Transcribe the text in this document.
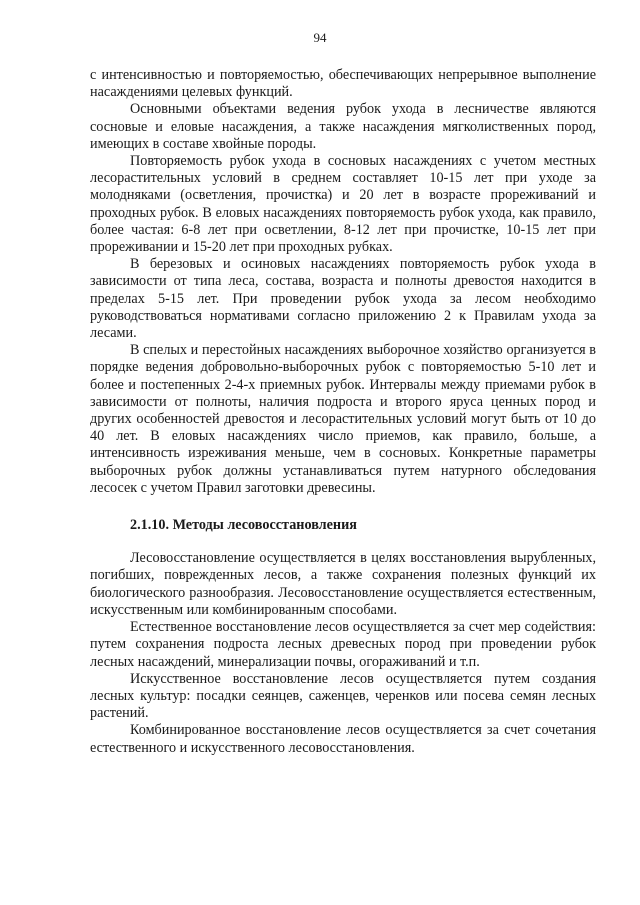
94

с интенсивностью и повторяемостью, обеспечивающих непрерывное выполнение насаждениями целевых функций.

Основными объектами ведения рубок ухода в лесничестве являются сосновые и еловые насаждения, а также насаждения мягколиственных пород, имеющих в составе хвойные породы.

Повторяемость рубок ухода в сосновых насаждениях с учетом местных лесорастительных условий в среднем составляет 10-15 лет при уходе за молодняками (осветления, прочистка) и 20 лет в возрасте прореживаний и проходных рубок. В еловых насаждениях повторяемость рубок ухода, как правило, более частая: 6-8 лет при осветлении, 8-12 лет при прочистке, 10-15 лет при прореживании и 15-20 лет при проходных рубках.

В березовых и осиновых насаждениях повторяемость рубок ухода в зависимости от типа леса, состава, возраста и полноты древостоя находится в пределах 5-15 лет. При проведении рубок ухода за лесом необходимо руководствоваться нормативами согласно приложению 2 к Правилам ухода за лесами.

В спелых и перестойных насаждениях выборочное хозяйство организуется в порядке ведения добровольно-выборочных рубок с повторяемостью 5-10 лет и более и постепенных 2-4-х приемных рубок. Интервалы между приемами рубок в зависимости от полноты, наличия подроста и второго яруса ценных пород и других особенностей древостоя и лесорастительных условий могут быть от 10 до 40 лет. В еловых насаждениях число приемов, как правило, больше, а интенсивность изреживания меньше, чем в сосновых. Конкретные параметры выборочных рубок должны устанавливаться путем натурного обследования лесосек с учетом Правил заготовки древесины.

2.1.10. Методы лесовосстановления

Лесовосстановление осуществляется в целях восстановления вырубленных, погибших, поврежденных лесов, а также сохранения полезных функций их биологического разнообразия. Лесовосстановление осуществляется естественным, искусственным или комбинированным способами.

Естественное восстановление лесов осуществляется за счет мер содействия: путем сохранения подроста лесных древесных пород при проведении рубок лесных насаждений, минерализации почвы, огораживаний и т.п.

Искусственное восстановление лесов осуществляется путем создания лесных культур: посадки сеянцев, саженцев, черенков или посева семян лесных растений.

Комбинированное восстановление лесов осуществляется за счет сочетания естественного и искусственного лесовосстановления.
